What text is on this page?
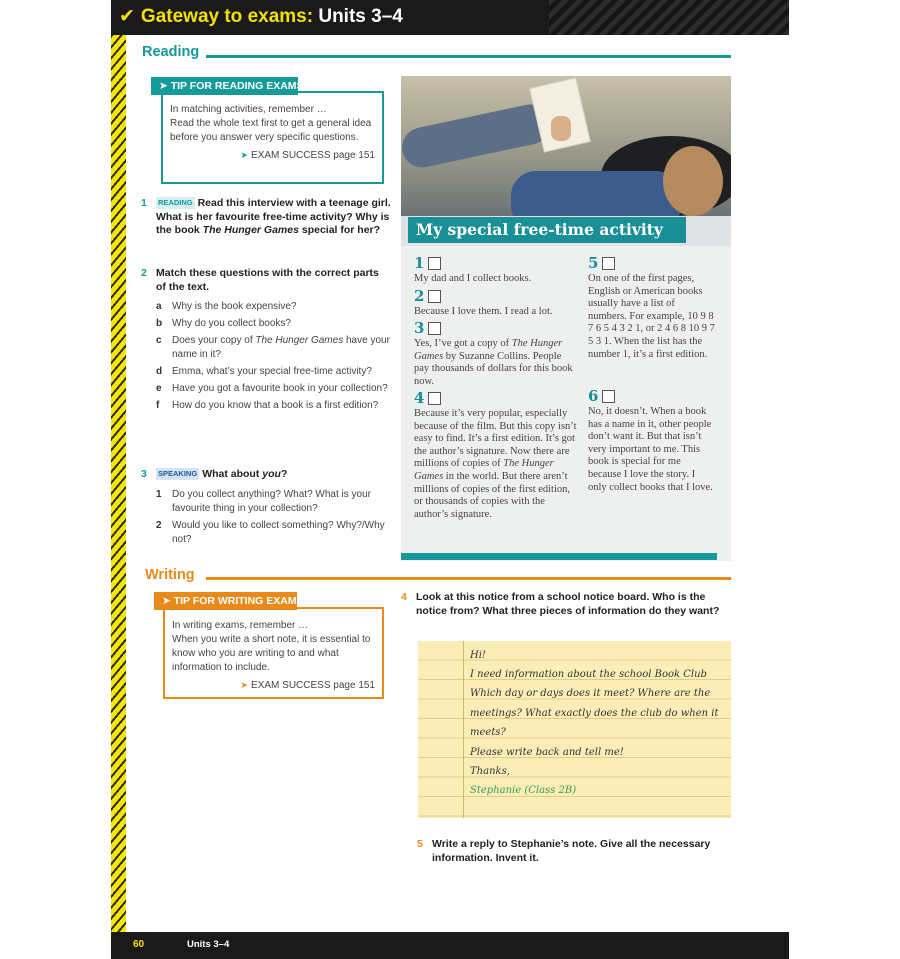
✔ Gateway to exams: Units 3–4
Reading
➤ TIP FOR READING EXAMS
In matching activities, remember …
Read the whole text first to get a general idea before you answer very specific questions.
➤ EXAM SUCCESS page 151
1 READING Read this interview with a teenage girl. What is her favourite free-time activity? Why is the book The Hunger Games special for her?
2 Match these questions with the correct parts of the text.
a Why is the book expensive?
b Why do you collect books?
c Does your copy of The Hunger Games have your name in it?
d Emma, what’s your special free-time activity?
e Have you got a favourite book in your collection?
f How do you know that a book is a first edition?
3 SPEAKING What about you?
1 Do you collect anything? What? What is your favourite thing in your collection?
2 Would you like to collect something? Why?/Why not?
My special free-time activity
1
My dad and I collect books.
2
Because I love them. I read a lot.
3
Yes, I’ve got a copy of The Hunger Games by Suzanne Collins. People pay thousands of dollars for this book now.
4
Because it’s very popular, especially because of the film. But this copy isn’t easy to find. It’s a first edition. It’s got the author’s signature. Now there are millions of copies of The Hunger Games in the world. But there aren’t millions of copies of the first edition, or thousands of copies with the author’s signature.
5
On one of the first pages, English or American books usually have a list of numbers. For example, 10 9 8 7 6 5 4 3 2 1, or 2 4 6 8 10 9 7 5 3 1. When the list has the number 1, it’s a first edition.
6
No, it doesn’t. When a book has a name in it, other people don’t want it. But that isn’t very important to me. This book is special for me because I love the story. I only collect books that I love.
Writing
➤ TIP FOR WRITING EXAMS
In writing exams, remember …
When you write a short note, it is essential to know who you are writing to and what information to include.
➤ EXAM SUCCESS page 151
4 Look at this notice from a school notice board. Who is the notice from? What three pieces of information do they want?
Hi!
I need information about the school Book Club
Which day or days does it meet? Where are the
meetings? What exactly does the club do when it
meets?
Please write back and tell me!
Thanks,
Stephanie (Class 2B)
5 Write a reply to Stephanie’s note. Give all the necessary information. Invent it.
60	Units 3–4
